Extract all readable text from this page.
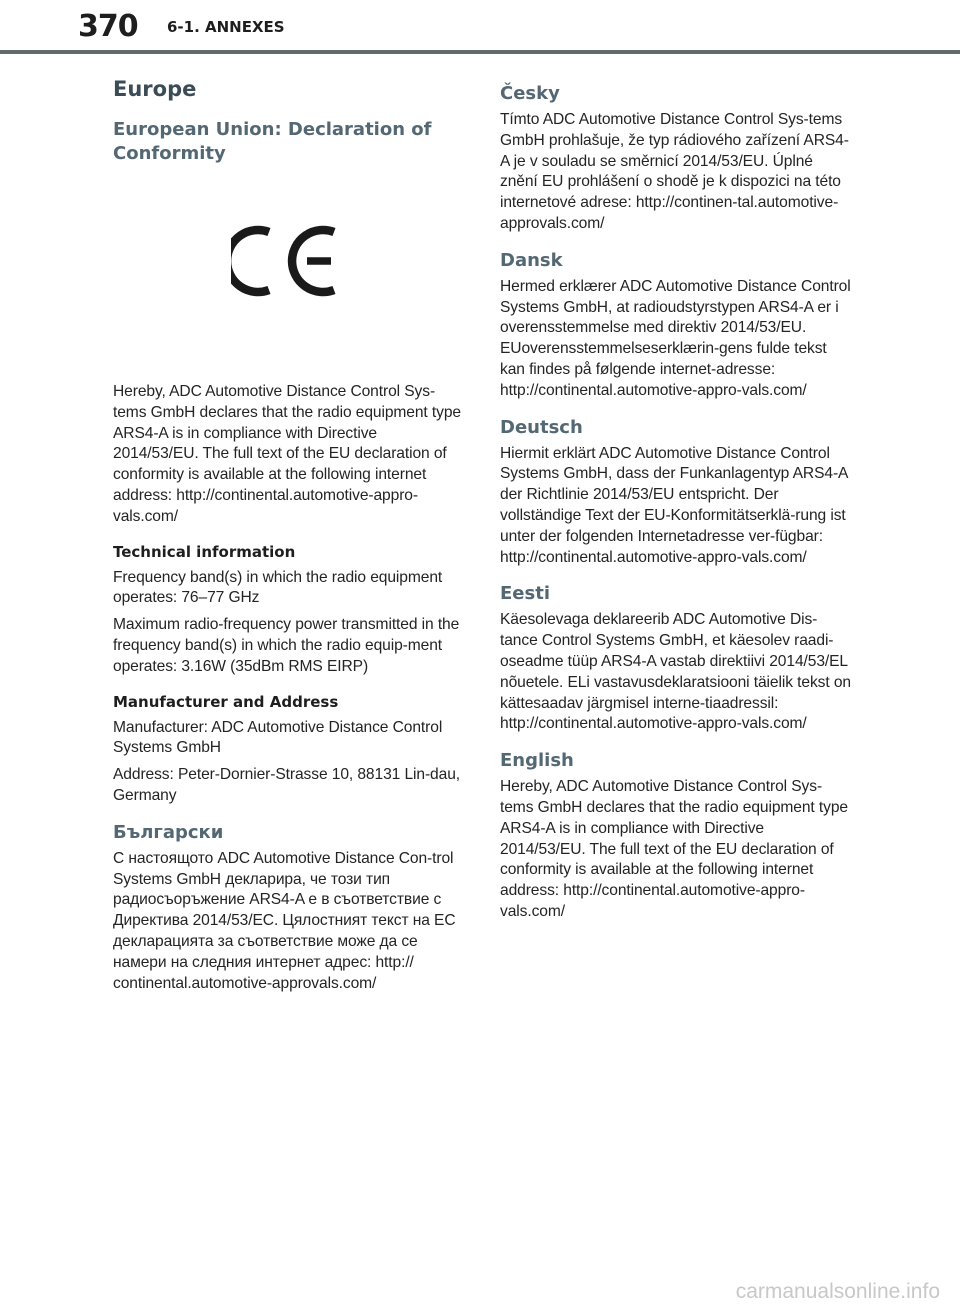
370 6-1. ANNEXES
Europe
European Union: Declaration of Conformity

Hereby, ADC Automotive Distance Control Sys-tems GmbH declares that the radio equipment type ARS4-A is in compliance with Directive 2014/53/EU. The full text of the EU declaration of conformity is available at the following internet address: http://continental.automotive-appro-vals.com/

Technical information

Frequency band(s) in which the radio equipment operates: 76–77 GHz

Maximum radio-frequency power transmitted in the frequency band(s) in which the radio equip-ment operates: 3.16W (35dBm RMS EIRP)

Manufacturer and Address

Manufacturer: ADC Automotive Distance Control Systems GmbH

Address: Peter-Dornier-Strasse 10, 88131 Lin-dau, Germany

Български

С настоящото ADC Automotive Distance Con-trol Systems GmbH декларира, че този тип радиосъоръжение ARS4-A е в съответствие с Директива 2014/53/ЕС. Цялостният текст на ЕС декларацията за съответствие може да се намери на следния интернет адрес: http:// continental.automotive-approvals.com/

Česky

Tímto ADC Automotive Distance Control Sys-tems GmbH prohlašuje, že typ rádiového zařízení ARS4-A je v souladu se směrnicí 2014/53/EU. Úplné znění EU prohlášení o shodě je k dispozici na této internetové adrese: http://continen-tal.automotive-approvals.com/

Dansk

Hermed erklærer ADC Automotive Distance Control Systems GmbH, at radioudstyrstypen ARS4-A er i overensstemmelse med direktiv 2014/53/EU. EUoverensstemmelseserklærin-gens fulde tekst kan findes på følgende internet-adresse: http://continental.automotive-appro-vals.com/

Deutsch

Hiermit erklärt ADC Automotive Distance Control Systems GmbH, dass der Funkanlagentyp ARS4-A der Richtlinie 2014/53/EU entspricht. Der vollständige Text der EU-Konformitätserklä-rung ist unter der folgenden Internetadresse ver-fügbar: http://continental.automotive-appro-vals.com/

Eesti

Käesolevaga deklareerib ADC Automotive Dis-tance Control Systems GmbH, et käesolev raadi-oseadme tüüp ARS4-A vastab direktiivi 2014/53/EL nõuetele. ELi vastavusdeklaratsiooni täielik tekst on kättesaadav järgmisel interne-tiaadressil: http://continental.automotive-appro-vals.com/

English

Hereby, ADC Automotive Distance Control Sys-tems GmbH declares that the radio equipment type ARS4-A is in compliance with Directive 2014/53/EU. The full text of the EU declaration of conformity is available at the following internet address: http://continental.automotive-appro-vals.com/

carmanualsonline.info
